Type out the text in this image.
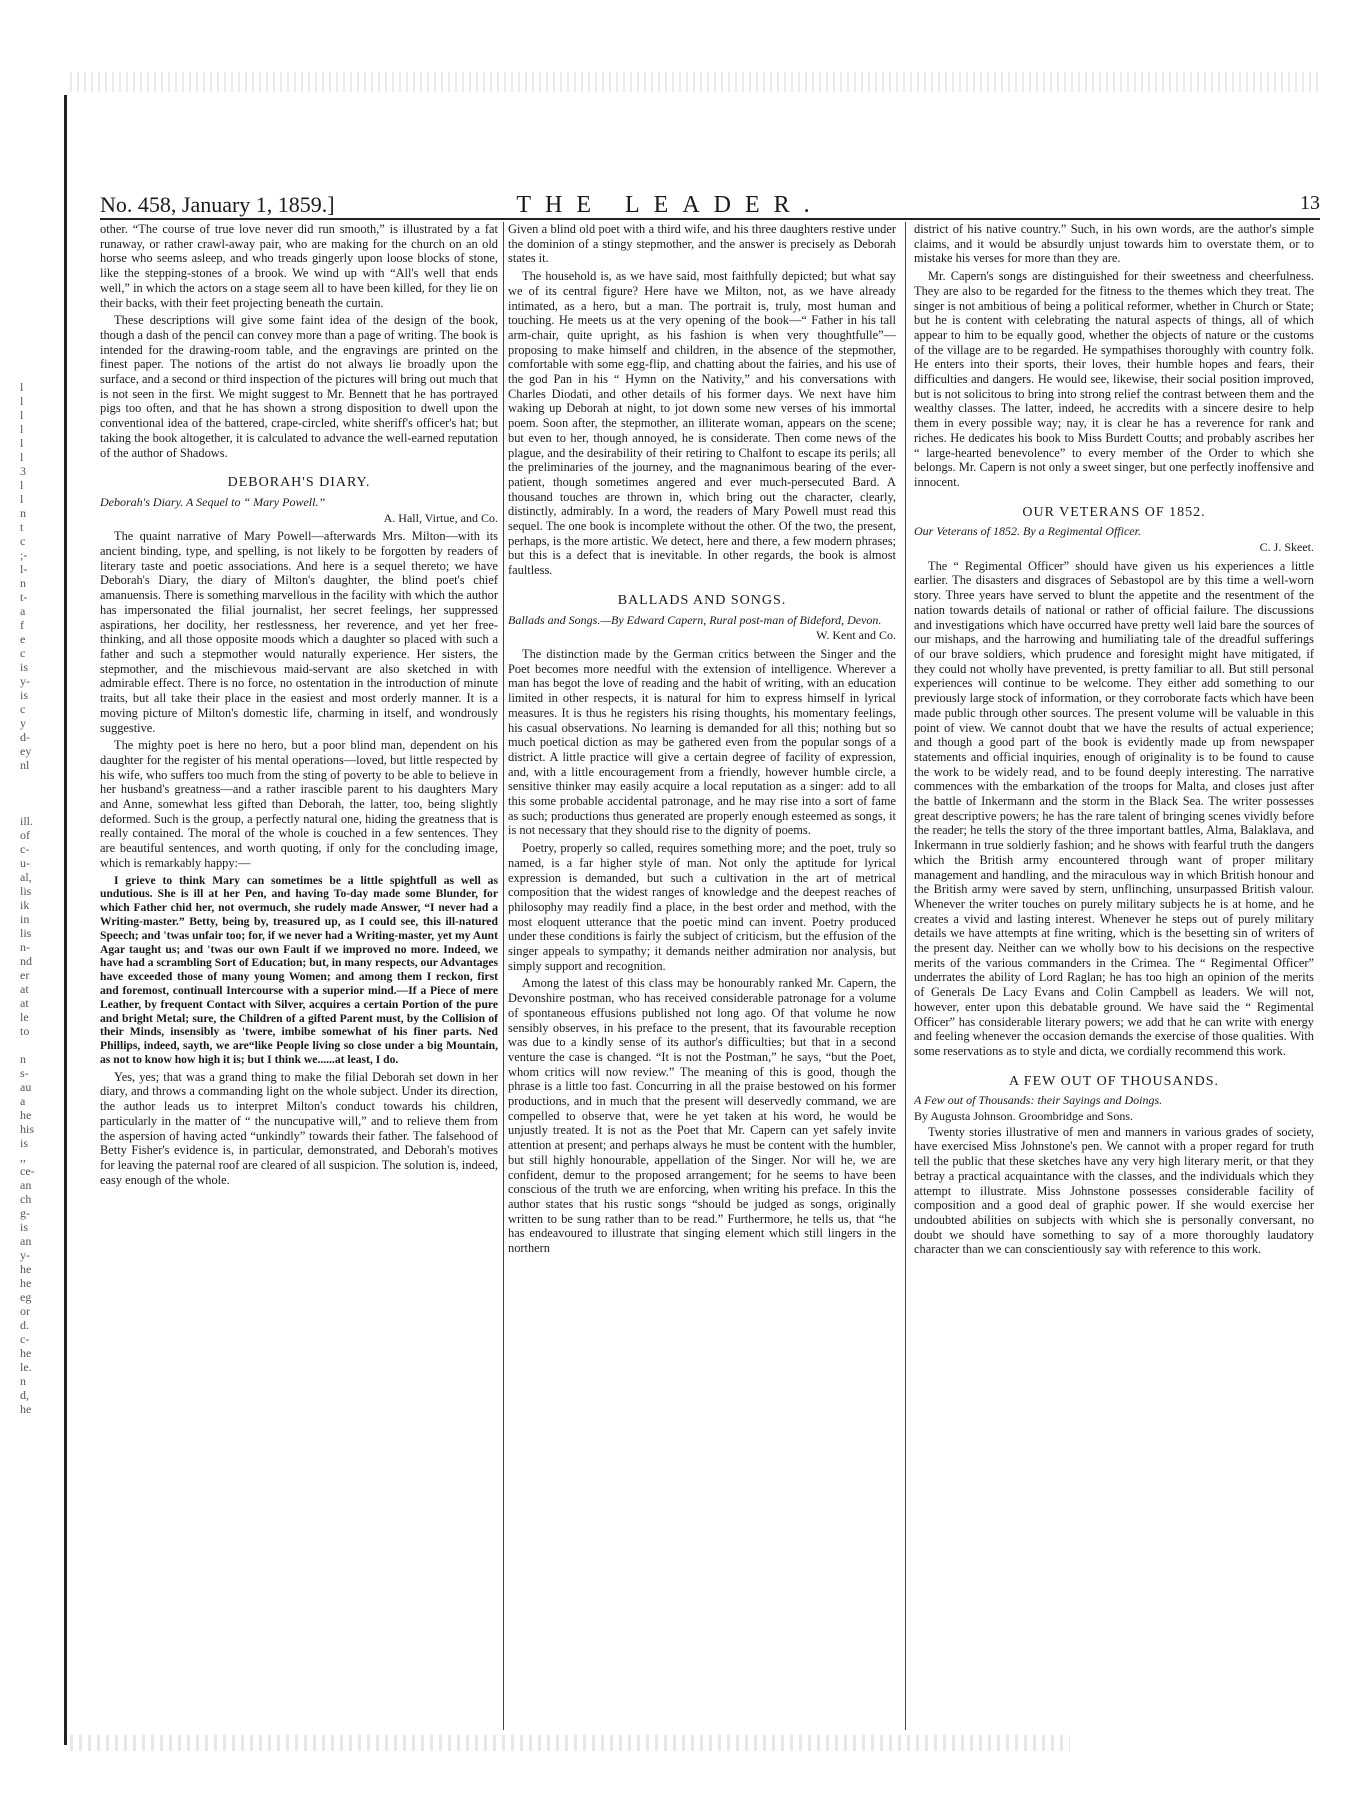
l
l
l
l
l
l
3
l
l
n
t
c
;-
l-
n
t-
a
f
e
c
is
y-
is
c
y
d-
ey
nl

ill.
of
c-
u-
al,
lis
ik
in
lis
n-
nd
er
at
at
le
to

n
s-
au
a
he
his
is
,,
ce-
an
ch
g-
is
an
y-
he
he
eg
or
d.
c-
he
le.
n
d,
he
No. 458, January 1, 1859.]	THE LEADER.	13

other. “The course of true love never did run smooth,” is illustrated by a fat runaway, or rather crawl-away pair, who are making for the church on an old horse who seems asleep, and who treads gingerly upon loose blocks of stone, like the stepping-stones of a brook. We wind up with “All's well that ends well,” in which the actors on a stage seem all to have been killed, for they lie on their backs, with their feet projecting beneath the curtain.

These descriptions will give some faint idea of the design of the book, though a dash of the pencil can convey more than a page of writing. The book is intended for the drawing-room table, and the engravings are printed on the finest paper. The notions of the artist do not always lie broadly upon the surface, and a second or third inspection of the pictures will bring out much that is not seen in the first. We might suggest to Mr. Bennett that he has portrayed pigs too often, and that he has shown a strong disposition to dwell upon the conventional idea of the battered, crape-circled, white sheriff's officer's hat; but taking the book altogether, it is calculated to advance the well-earned reputation of the author of Shadows.

DEBORAH'S DIARY.
Deborah's Diary. A Sequel to “ Mary Powell.”
A. Hall, Virtue, and Co.

The quaint narrative of Mary Powell—afterwards Mrs. Milton—with its ancient binding, type, and spelling, is not likely to be forgotten by readers of literary taste and poetic associations. And here is a sequel thereto; we have Deborah's Diary, the diary of Milton's daughter, the blind poet's chief amanuensis. There is something marvellous in the facility with which the author has impersonated the filial journalist, her secret feelings, her suppressed aspirations, her docility, her restlessness, her reverence, and yet her free-thinking, and all those opposite moods which a daughter so placed with such a father and such a stepmother would naturally experience. Her sisters, the stepmother, and the mischievous maid-servant are also sketched in with admirable effect. There is no force, no ostentation in the introduction of minute traits, but all take their place in the easiest and most orderly manner. It is a moving picture of Milton's domestic life, charming in itself, and wondrously suggestive.

The mighty poet is here no hero, but a poor blind man, dependent on his daughter for the register of his mental operations—loved, but little respected by his wife, who suffers too much from the sting of poverty to be able to believe in her husband's greatness—and a rather irascible parent to his daughters Mary and Anne, somewhat less gifted than Deborah, the latter, too, being slightly deformed. Such is the group, a perfectly natural one, hiding the greatness that is really contained. The moral of the whole is couched in a few sentences. They are beautiful sentences, and worth quoting, if only for the concluding image, which is remarkably happy:—

I grieve to think Mary can sometimes be a little spightfull as well as undutious. She is ill at her Pen, and having To-day made some Blunder, for which Father chid her, not overmuch, she rudely made Answer, “I never had a Writing-master.” Betty, being by, treasured up, as I could see, this ill-natured Speech; and 'twas unfair too; for, if we never had a Writing-master, yet my Aunt Agar taught us; and 'twas our own Fault if we improved no more. Indeed, we have had a scrambling Sort of Education; but, in many respects, our Advantages have exceeded those of many young Women; and among them I reckon, first and foremost, continuall Intercourse with a superior mind.—If a Piece of mere Leather, by frequent Contact with Silver, acquires a certain Portion of the pure and bright Metal; sure, the Children of a gifted Parent must, by the Collision of their Minds, insensibly as 'twere, imbibe somewhat of his finer parts. Ned Phillips, indeed, sayth, we are“like People living so close under a big Mountain, as not to know how high it is; but I think we......at least, I do.

Yes, yes; that was a grand thing to make the filial Deborah set down in her diary, and throws a commanding light on the whole subject. Under its direction, the author leads us to interpret Milton's conduct towards his children, particularly in the matter of “ the nuncupative will,” and to relieve them from the aspersion of having acted “unkindly” towards their father. The falsehood of Betty Fisher's evidence is, in particular, demonstrated, and Deborah's motives for leaving the paternal roof are cleared of all suspicion. The solution is, indeed, easy enough of the whole.

Given a blind old poet with a third wife, and his three daughters restive under the dominion of a stingy stepmother, and the answer is precisely as Deborah states it.

The household is, as we have said, most faithfully depicted; but what say we of its central figure? Here have we Milton, not, as we have already intimated, as a hero, but a man. The portrait is, truly, most human and touching. He meets us at the very opening of the book—“ Father in his tall arm-chair, quite upright, as his fashion is when very thoughtfulle”—proposing to make himself and children, in the absence of the stepmother, comfortable with some egg-flip, and chatting about the fairies, and his use of the god Pan in his “ Hymn on the Nativity,” and his conversations with Charles Diodati, and other details of his former days. We next have him waking up Deborah at night, to jot down some new verses of his immortal poem. Soon after, the stepmother, an illiterate woman, appears on the scene; but even to her, though annoyed, he is considerate. Then come news of the plague, and the desirability of their retiring to Chalfont to escape its perils; all the preliminaries of the journey, and the magnanimous bearing of the ever-patient, though sometimes angered and ever much-persecuted Bard. A thousand touches are thrown in, which bring out the character, clearly, distinctly, admirably. In a word, the readers of Mary Powell must read this sequel. The one book is incomplete without the other. Of the two, the present, perhaps, is the more artistic. We detect, here and there, a few modern phrases; but this is a defect that is inevitable. In other regards, the book is almost faultless.

BALLADS AND SONGS.
Ballads and Songs.—By Edward Capern, Rural post-man of Bideford, Devon.
W. Kent and Co.

The distinction made by the German critics between the Singer and the Poet becomes more needful with the extension of intelligence. Wherever a man has begot the love of reading and the habit of writing, with an education limited in other respects, it is natural for him to express himself in lyrical measures. It is thus he registers his rising thoughts, his momentary feelings, his casual observations. No learning is demanded for all this; nothing but so much poetical diction as may be gathered even from the popular songs of a district. A little practice will give a certain degree of facility of expression, and, with a little encouragement from a friendly, however humble circle, a sensitive thinker may easily acquire a local reputation as a singer: add to all this some probable accidental patronage, and he may rise into a sort of fame as such; productions thus generated are properly enough esteemed as songs, it is not necessary that they should rise to the dignity of poems.

Poetry, properly so called, requires something more; and the poet, truly so named, is a far higher style of man. Not only the aptitude for lyrical expression is demanded, but such a cultivation in the art of metrical composition that the widest ranges of knowledge and the deepest reaches of philosophy may readily find a place, in the best order and method, with the most eloquent utterance that the poetic mind can invent. Poetry produced under these conditions is fairly the subject of criticism, but the effusion of the singer appeals to sympathy; it demands neither admiration nor analysis, but simply support and recognition.

Among the latest of this class may be honourably ranked Mr. Capern, the Devonshire postman, who has received considerable patronage for a volume of spontaneous effusions published not long ago. Of that volume he now sensibly observes, in his preface to the present, that its favourable reception was due to a kindly sense of its author's difficulties; but that in a second venture the case is changed. “It is not the Postman,” he says, “but the Poet, whom critics will now review.” The meaning of this is good, though the phrase is a little too fast. Concurring in all the praise bestowed on his former productions, and in much that the present will deservedly command, we are compelled to observe that, were he yet taken at his word, he would be unjustly treated. It is not as the Poet that Mr. Capern can yet safely invite attention at present; and perhaps always he must be content with the humbler, but still highly honourable, appellation of the Singer. Nor will he, we are confident, demur to the proposed arrangement; for he seems to have been conscious of the truth we are enforcing, when writing his preface. In this the author states that his rustic songs “should be judged as songs, originally written to be sung rather than to be read.” Furthermore, he tells us, that “he has endeavoured to illustrate that singing element which still lingers in the northern

district of his native country.” Such, in his own words, are the author's simple claims, and it would be absurdly unjust towards him to overstate them, or to mistake his verses for more than they are.

Mr. Capern's songs are distinguished for their sweetness and cheerfulness. They are also to be regarded for the fitness to the themes which they treat. The singer is not ambitious of being a political reformer, whether in Church or State; but he is content with celebrating the natural aspects of things, all of which appear to him to be equally good, whether the objects of nature or the customs of the village are to be regarded. He sympathises thoroughly with country folk. He enters into their sports, their loves, their humble hopes and fears, their difficulties and dangers. He would see, likewise, their social position improved, but is not solicitous to bring into strong relief the contrast between them and the wealthy classes. The latter, indeed, he accredits with a sincere desire to help them in every possible way; nay, it is clear he has a reverence for rank and riches. He dedicates his book to Miss Burdett Coutts; and probably ascribes her “ large-hearted benevolence” to every member of the Order to which she belongs. Mr. Capern is not only a sweet singer, but one perfectly inoffensive and innocent.

OUR VETERANS OF 1852.
Our Veterans of 1852. By a Regimental Officer.
C. J. Skeet.

The “ Regimental Officer” should have given us his experiences a little earlier. The disasters and disgraces of Sebastopol are by this time a well-worn story. Three years have served to blunt the appetite and the resentment of the nation towards details of national or rather of official failure. The discussions and investigations which have occurred have pretty well laid bare the sources of our mishaps, and the harrowing and humiliating tale of the dreadful sufferings of our brave soldiers, which prudence and foresight might have mitigated, if they could not wholly have prevented, is pretty familiar to all. But still personal experiences will continue to be welcome. They either add something to our previously large stock of information, or they corroborate facts which have been made public through other sources. The present volume will be valuable in this point of view. We cannot doubt that we have the results of actual experience; and though a good part of the book is evidently made up from newspaper statements and official inquiries, enough of originality is to be found to cause the work to be widely read, and to be found deeply interesting. The narrative commences with the embarkation of the troops for Malta, and closes just after the battle of Inkermann and the storm in the Black Sea. The writer possesses great descriptive powers; he has the rare talent of bringing scenes vividly before the reader; he tells the story of the three important battles, Alma, Balaklava, and Inkermann in true soldierly fashion; and he shows with fearful truth the dangers which the British army encountered through want of proper military management and handling, and the miraculous way in which British honour and the British army were saved by stern, unflinching, unsurpassed British valour. Whenever the writer touches on purely military subjects he is at home, and he creates a vivid and lasting interest. Whenever he steps out of purely military details we have attempts at fine writing, which is the besetting sin of writers of the present day. Neither can we wholly bow to his decisions on the respective merits of the various commanders in the Crimea. The “ Regimental Officer” underrates the ability of Lord Raglan; he has too high an opinion of the merits of Generals De Lacy Evans and Colin Campbell as leaders. We will not, however, enter upon this debatable ground. We have said the “ Regimental Officer” has considerable literary powers; we add that he can write with energy and feeling whenever the occasion demands the exercise of those qualities. With some reservations as to style and dicta, we cordially recommend this work.

A FEW OUT OF THOUSANDS.
A Few out of Thousands: their Sayings and Doings.
By Augusta Johnson. Groombridge and Sons.

Twenty stories illustrative of men and manners in various grades of society, have exercised Miss Johnstone's pen. We cannot with a proper regard for truth tell the public that these sketches have any very high literary merit, or that they betray a practical acquaintance with the classes, and the individuals which they attempt to illustrate. Miss Johnstone possesses considerable facility of composition and a good deal of graphic power. If she would exercise her undoubted abilities on subjects with which she is personally conversant, no doubt we should have something to say of a more thoroughly laudatory character than we can conscientiously say with reference to this work.
